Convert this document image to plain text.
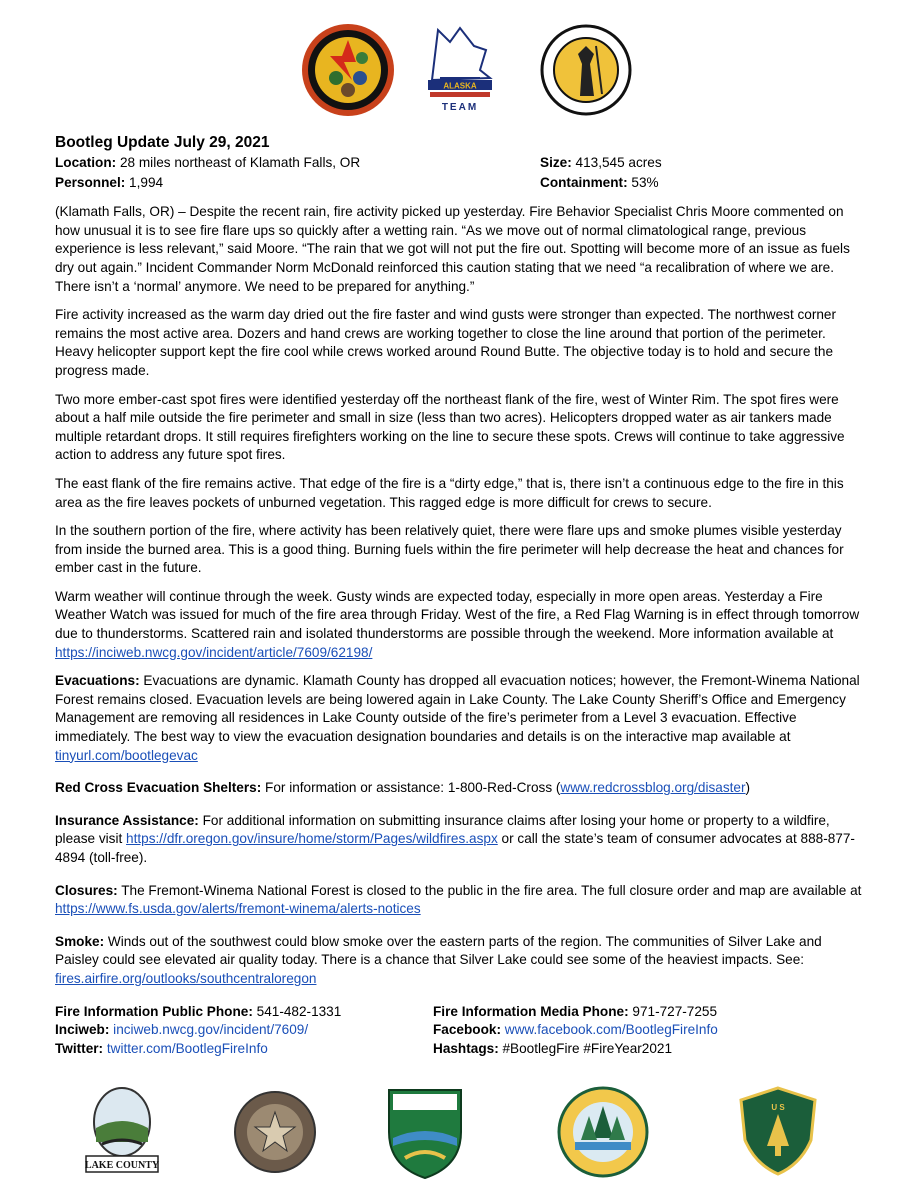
ALASKA
TEAM
Bootleg Update July 29, 2021
Location: 28 miles northeast of Klamath Falls, OR	Size: 413,545 acres
Personnel: 1,994	Containment: 53%

(Klamath Falls, OR) – Despite the recent rain, fire activity picked up yesterday. Fire Behavior Specialist Chris Moore commented on how unusual it is to see fire flare ups so quickly after a wetting rain. “As we move out of normal climatological range, previous experience is less relevant,” said Moore. “The rain that we got will not put the fire out. Spotting will become more of an issue as fuels dry out again.” Incident Commander Norm McDonald reinforced this caution stating that we need “a recalibration of where we are. There isn’t a ‘normal’ anymore. We need to be prepared for anything.”

Fire activity increased as the warm day dried out the fire faster and wind gusts were stronger than expected. The northwest corner remains the most active area. Dozers and hand crews are working together to close the line around that portion of the perimeter. Heavy helicopter support kept the fire cool while crews worked around Round Butte. The objective today is to hold and secure the progress made.

Two more ember-cast spot fires were identified yesterday off the northeast flank of the fire, west of Winter Rim. The spot fires were about a half mile outside the fire perimeter and small in size (less than two acres). Helicopters dropped water as air tankers made multiple retardant drops. It still requires firefighters working on the line to secure these spots. Crews will continue to take aggressive action to address any future spot fires.

The east flank of the fire remains active. That edge of the fire is a “dirty edge,” that is, there isn’t a continuous edge to the fire in this area as the fire leaves pockets of unburned vegetation. This ragged edge is more difficult for crews to secure.

In the southern portion of the fire, where activity has been relatively quiet, there were flare ups and smoke plumes visible yesterday from inside the burned area. This is a good thing. Burning fuels within the fire perimeter will help decrease the heat and chances for ember cast in the future.

Warm weather will continue through the week. Gusty winds are expected today, especially in more open areas. Yesterday a Fire Weather Watch was issued for much of the fire area through Friday. West of the fire, a Red Flag Warning is in effect through tomorrow due to thunderstorms. Scattered rain and isolated thunderstorms are possible through the weekend. More information available at https://inciweb.nwcg.gov/incident/article/7609/62198/

Evacuations: Evacuations are dynamic. Klamath County has dropped all evacuation notices; however, the Fremont-Winema National Forest remains closed. Evacuation levels are being lowered again in Lake County. The Lake County Sheriff’s Office and Emergency Management are removing all residences in Lake County outside of the fire’s perimeter from a Level 3 evacuation. Effective immediately. The best way to view the evacuation designation boundaries and details is on the interactive map available at tinyurl.com/bootlegevac

Red Cross Evacuation Shelters: For information or assistance: 1-800-Red-Cross (www.redcrossblog.org/disaster)

Insurance Assistance: For additional information on submitting insurance claims after losing your home or property to a wildfire, please visit https://dfr.oregon.gov/insure/home/storm/Pages/wildfires.aspx or call the state’s team of consumer advocates at 888-877-4894 (toll-free).

Closures: The Fremont-Winema National Forest is closed to the public in the fire area. The full closure order and map are available at https://www.fs.usda.gov/alerts/fremont-winema/alerts-notices

Smoke: Winds out of the southwest could blow smoke over the eastern parts of the region. The communities of Silver Lake and Paisley could see elevated air quality today. There is a chance that Silver Lake could see some of the heaviest impacts. See: fires.airfire.org/outlooks/southcentraloregon

Fire Information Public Phone: 541-482-1331	Fire Information Media Phone: 971-727-7255
Inciweb: inciweb.nwcg.gov/incident/7609/	Facebook: www.facebook.com/BootlegFireInfo
Twitter: twitter.com/BootlegFireInfo	Hashtags: #BootlegFire #FireYear2021
LAKE COUNTY
U S
